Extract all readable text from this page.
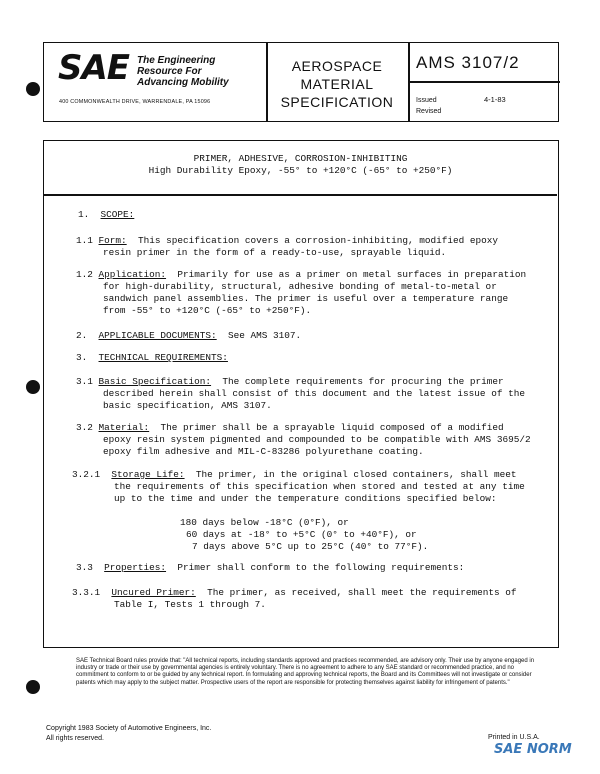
SAE The Engineering
Resource For
Advancing Mobility
400 COMMONWEALTH DRIVE, WARRENDALE, PA 15096
AEROSPACE
MATERIAL
SPECIFICATION
AMS 3107/2
Issued
Revised
4-1-83
PRIMER, ADHESIVE, CORROSION-INHIBITING
High Durability Epoxy, -55° to +120°C (-65° to +250°F)
1. SCOPE:
1.1 Form: This specification covers a corrosion-inhibiting, modified epoxy
resin primer in the form of a ready-to-use, sprayable liquid.
1.2 Application: Primarily for use as a primer on metal surfaces in preparation
for high-durability, structural, adhesive bonding of metal-to-metal or
sandwich panel assemblies. The primer is useful over a temperature range
from -55° to +120°C (-65° to +250°F).
2. APPLICABLE DOCUMENTS: See AMS 3107.
3. TECHNICAL REQUIREMENTS:
3.1 Basic Specification: The complete requirements for procuring the primer
described herein shall consist of this document and the latest issue of the
basic specification, AMS 3107.
3.2 Material: The primer shall be a sprayable liquid composed of a modified
epoxy resin system pigmented and compounded to be compatible with AMS 3695/2
epoxy film adhesive and MIL-C-83286 polyurethane coating.
3.2.1 Storage Life: The primer, in the original closed containers, shall meet
the requirements of this specification when stored and tested at any time
up to the time and under the temperature conditions specified below:
180 days below -18°C (0°F), or
60 days at -18° to +5°C (0° to +40°F), or
7 days above 5°C up to 25°C (40° to 77°F).
3.3 Properties: Primer shall conform to the following requirements:
3.3.1 Uncured Primer: The primer, as received, shall meet the requirements of
Table I, Tests 1 through 7.
SAE Technical Board rules provide that: "All technical reports, including standards approved and practices recommended, are advisory only. Their use by anyone engaged in industry or trade or their use by governmental agencies is entirely voluntary. There is no agreement to adhere to any SAE standard or recommended practice, and no commitment to conform to or be guided by any technical report. In formulating and approving technical reports, the Board and its Committees will not investigate or consider patents which may apply to the subject matter. Prospective users of the report are responsible for protecting themselves against liability for infringement of patents."
Copyright 1983 Society of Automotive Engineers, Inc.
All rights reserved.	Printed in U.S.A.
SAE NORM
